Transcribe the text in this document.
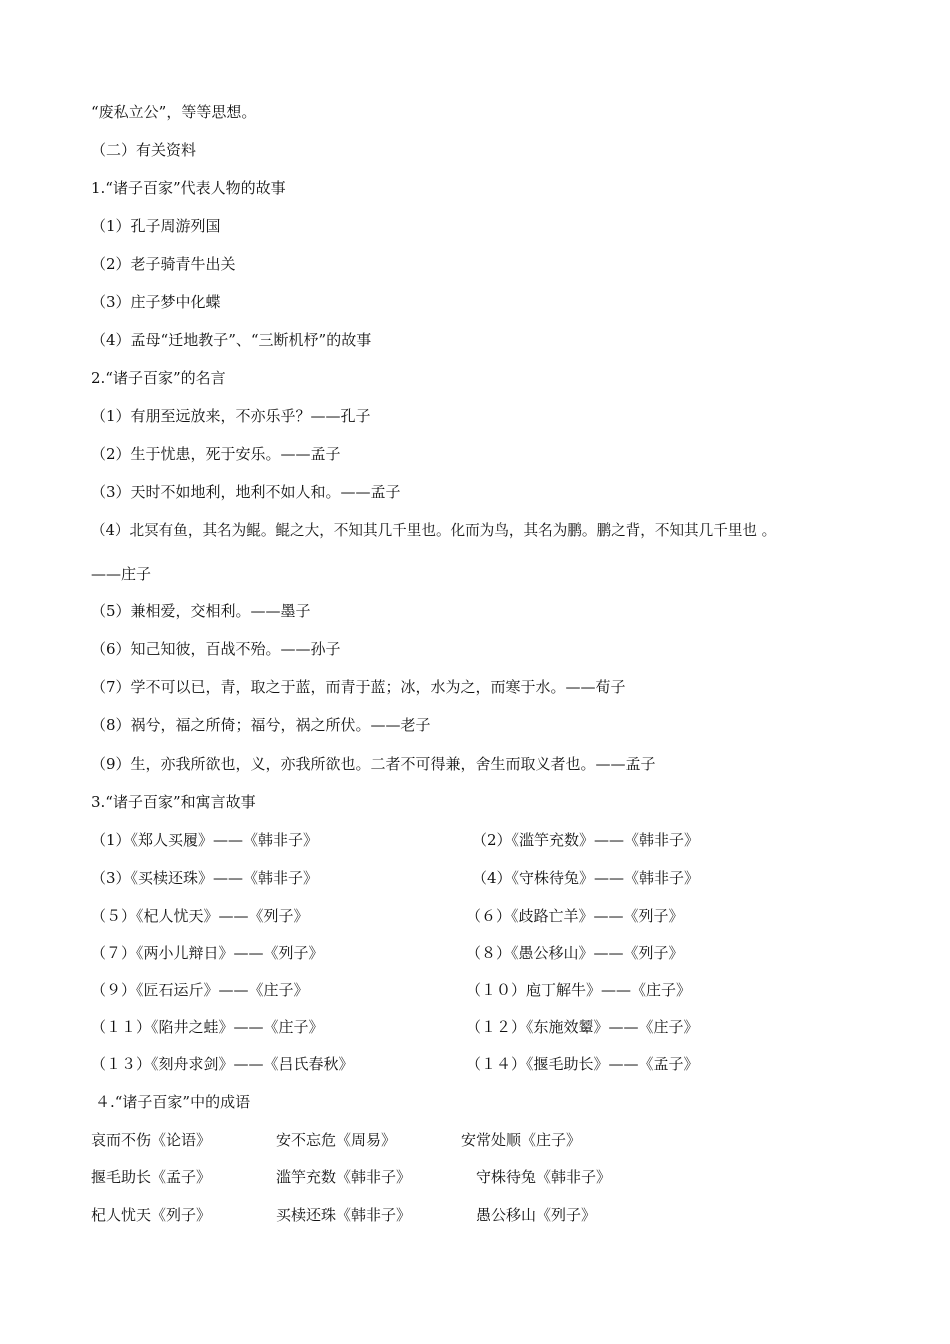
“废私立公”，等等思想。
（二）有关资料
1.“诸子百家”代表人物的故事
（1）孔子周游列国
（2）老子骑青牛出关
（3）庄子梦中化蝶
（4）孟母“迁地教子”、“三断机杼”的故事
2.“诸子百家”的名言
（1）有朋至远放来，不亦乐乎？——孔子
（2）生于忧患，死于安乐。——孟子
（3）天时不如地利，地利不如人和。——孟子
（4）北冥有鱼，其名为鲲。鲲之大，不知其几千里也。化而为鸟，其名为鹏。鹏之背，不知其几千里也 。
——庄子
（5）兼相爱，交相利。——墨子
（6）知己知彼，百战不殆。——孙子
（7）学不可以已，青，取之于蓝，而青于蓝；冰，水为之，而寒于水。——荀子
（8）祸兮，福之所倚；福兮，祸之所伏。——老子
（9）生，亦我所欲也，义，亦我所欲也。二者不可得兼，舍生而取义者也。——孟子
3.“诸子百家”和寓言故事
（1）《郑人买履》——《韩非子》	（2）《滥竽充数》——《韩非子》
（3）《买椟还珠》——《韩非子》	（4）《守株待兔》——《韩非子》
（５）《杞人忧天》——《列子》	（６）《歧路亡羊》——《列子》
（７）《两小儿辩日》——《列子》	（８）《愚公移山》——《列子》
（９）《匠石运斤》——《庄子》	（１０）庖丁解牛》——《庄子》
（１１）《陷井之蛙》——《庄子》	（１２）《东施效颦》——《庄子》
（１３）《刻舟求剑》——《吕氏春秋》	（１４）《揠毛助长》——《孟子》
４.“诸子百家”中的成语
哀而不伤《论语》	安不忘危《周易》	安常处顺《庄子》
揠毛助长《孟子》	滥竽充数《韩非子》	守株待兔《韩非子》
杞人忧天《列子》	买椟还珠《韩非子》	愚公移山《列子》
